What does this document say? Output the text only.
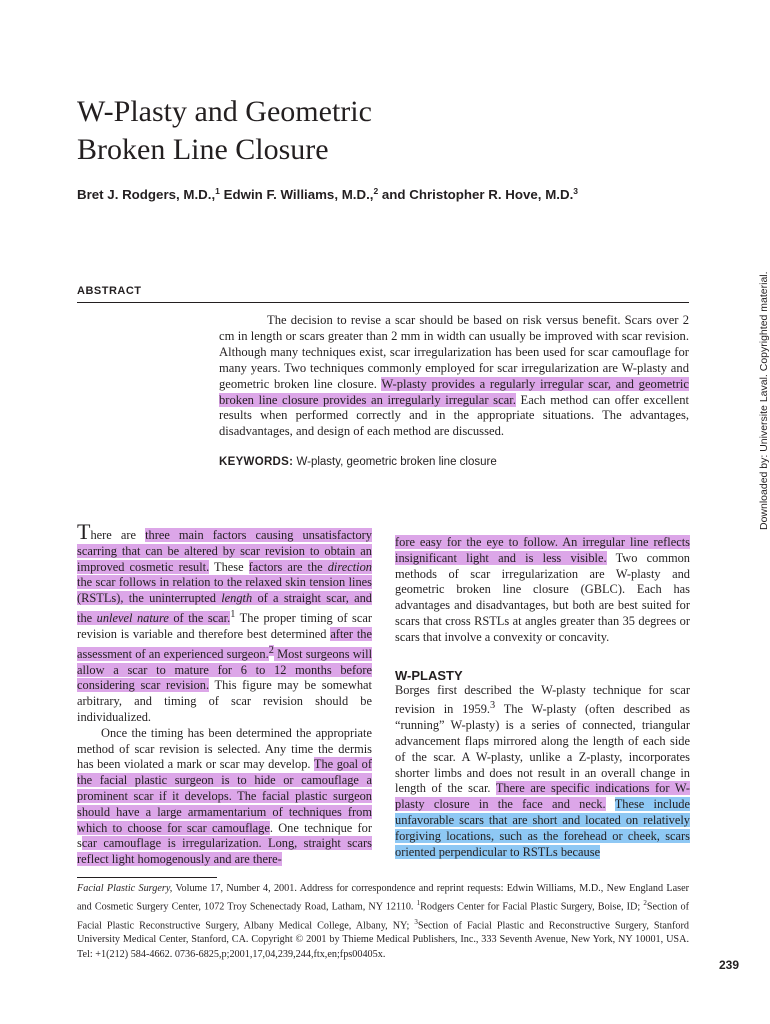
W-Plasty and Geometric
Broken Line Closure
Bret J. Rodgers, M.D.,$^1$ Edwin F. Williams, M.D.,$^2$ and Christopher R. Hove, M.D.$^3$
ABSTRACT

The decision to revise a scar should be based on risk versus benefit. Scars over 2 cm in length or scars greater than 2 mm in width can usually be improved with scar revision. Although many techniques exist, scar irregularization has been used for scar camouflage for many years. Two techniques commonly employed for scar irregularization are W-plasty and geometric broken line closure. W-plasty provides a regularly irregular scar, and geometric broken line closure provides an irregularly irregular scar. Each method can offer excellent results when performed correctly and in the appropriate situations. The advantages, disadvantages, and design of each method are discussed.

KEYWORDS: W-plasty, geometric broken line closure

There are three main factors causing unsatisfactory scarring that can be altered by scar revision to obtain an improved cosmetic result. These factors are the direction the scar follows in relation to the relaxed skin tension lines (RSTLs), the uninterrupted length of a straight scar, and the unlevel nature of the scar.$^1$ The proper timing of scar revision is variable and therefore best determined after the assessment of an experienced surgeon.$^2$ Most surgeons will allow a scar to mature for 6 to 12 months before considering scar revision. This figure may be somewhat arbitrary, and timing of scar revision should be individualized.

Once the timing has been determined the appropriate method of scar revision is selected. Any time the dermis has been violated a mark or scar may develop. The goal of the facial plastic surgeon is to hide or camouflage a prominent scar if it develops. The facial plastic surgeon should have a large armamentarium of techniques from which to choose for scar camouflage. One technique for scar camouflage is irregularization. Long, straight scars reflect light homogenously and are there-

fore easy for the eye to follow. An irregular line reflects insignificant light and is less visible. Two common methods of scar irregularization are W-plasty and geometric broken line closure (GBLC). Each has advantages and disadvantages, but both are best suited for scars that cross RSTLs at angles greater than 35 degrees or scars that involve a convexity or concavity.

W-PLASTY

Borges first described the W-plasty technique for scar revision in 1959.$^3$ The W-plasty (often described as “running” W-plasty) is a series of connected, triangular advancement flaps mirrored along the length of each side of the scar. A W-plasty, unlike a Z-plasty, incorporates shorter limbs and does not result in an overall change in length of the scar. There are specific indications for W-plasty closure in the face and neck. These include unfavorable scars that are short and located on relatively forgiving locations, such as the forehead or cheek, scars oriented perpendicular to RSTLs because

Facial Plastic Surgery, Volume 17, Number 4, 2001. Address for correspondence and reprint requests: Edwin Williams, M.D., New England Laser and Cosmetic Surgery Center, 1072 Troy Schenectady Road, Latham, NY 12110. $^1$Rodgers Center for Facial Plastic Surgery, Boise, ID; $^2$Section of Facial Plastic Reconstructive Surgery, Albany Medical College, Albany, NY; $^3$Section of Facial Plastic and Reconstructive Surgery, Stanford University Medical Center, Stanford, CA. Copyright © 2001 by Thieme Medical Publishers, Inc., 333 Seventh Avenue, New York, NY 10001, USA. Tel: +1(212) 584-4662. 0736-6825,p;2001,17,04,239,244,ftx,en;fps00405x.

239
Downloaded by: Universite Laval. Copyrighted material.
